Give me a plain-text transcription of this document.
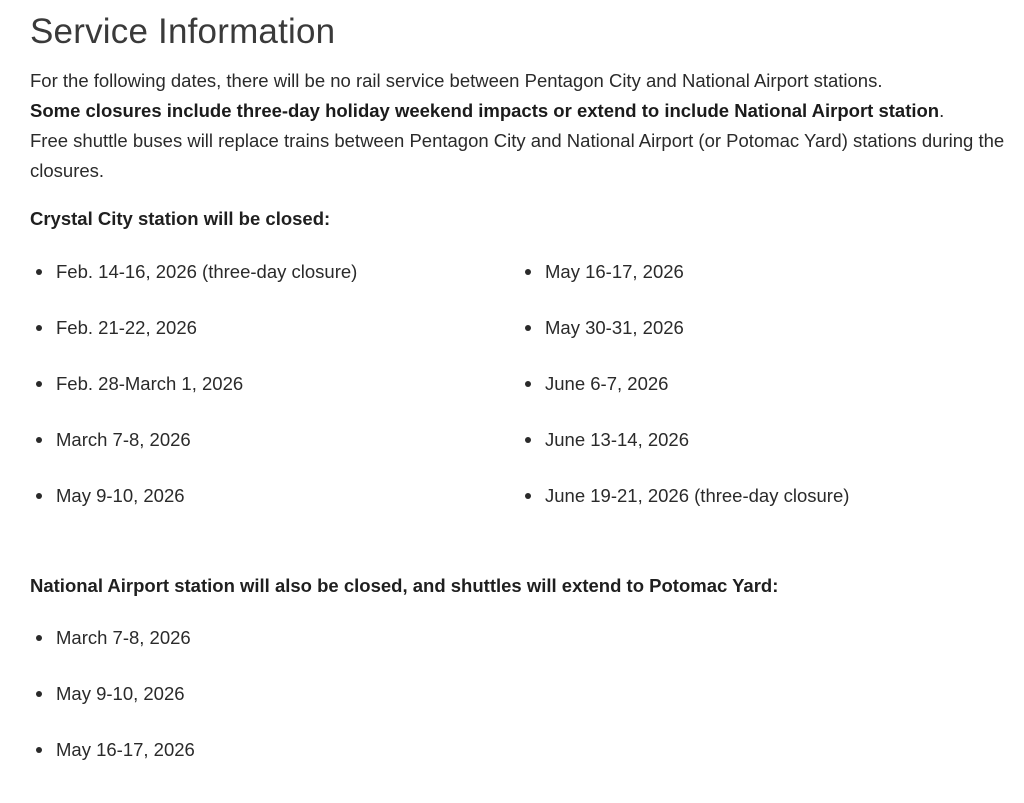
Service Information

For the following dates, there will be no rail service between Pentagon City and National Airport stations.

Some closures include three-day holiday weekend impacts or extend to include National Airport station.

Free shuttle buses will replace trains between Pentagon City and National Airport (or Potomac Yard) stations during the closures.

Crystal City station will be closed:
Feb. 14-16, 2026 (three-day closure)
Feb. 21-22, 2026
Feb. 28-March 1, 2026
March 7-8, 2026
May 9-10, 2026
May 16-17, 2026
May 30-31, 2026
June 6-7, 2026
June 13-14, 2026
June 19-21, 2026 (three-day closure)
National Airport station will also be closed, and shuttles will extend to Potomac Yard:
March 7-8, 2026
May 9-10, 2026
May 16-17, 2026
